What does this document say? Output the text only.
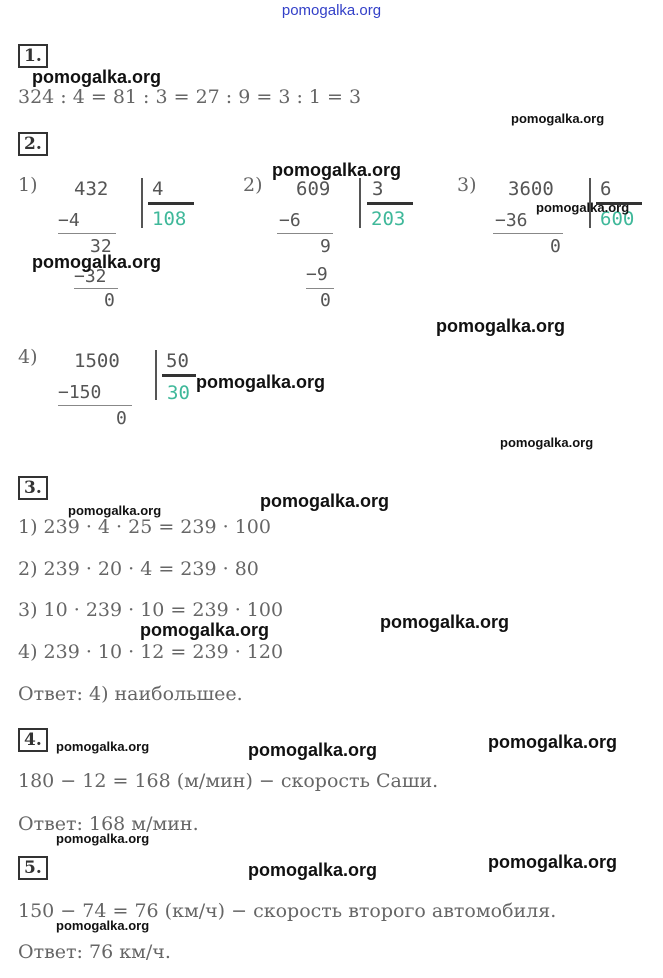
pomogalka.org
1.
324 : 4 = 81 : 3 = 27 : 9 = 3 : 1 = 3
2.
1) 432 4
108
−4
32
−32
0
2) 609 3
203
−6
9
−9
0
3) 3600 6
600
−36
0
4) 1500 50
30
−150
0
3.
1) 239 · 4 · 25 = 239 · 100
2) 239 · 20 · 4 = 239 · 80
3) 10 · 239 · 10 = 239 · 100
4) 239 · 10 · 12 = 239 · 120
Ответ: 4) наибольшее.
4.
180 − 12 = 168 (м/мин) − скорость Саши.
Ответ: 168 м/мин.
5.
150 − 74 = 76 (км/ч) − скорость второго автомобиля.
Ответ: 76 км/ч.
pomogalka.org
pomogalka.org
pomogalka.org
pomogalka.org
pomogalka.org
pomogalka.org
pomogalka.org
pomogalka.org
pomogalka.org
pomogalka.org
pomogalka.org
pomogalka.org
pomogalka.org
pomogalka.org	pomogalka.org
pomogalka.org
pomogalka.org
pomogalka.org
pomogalka.org
